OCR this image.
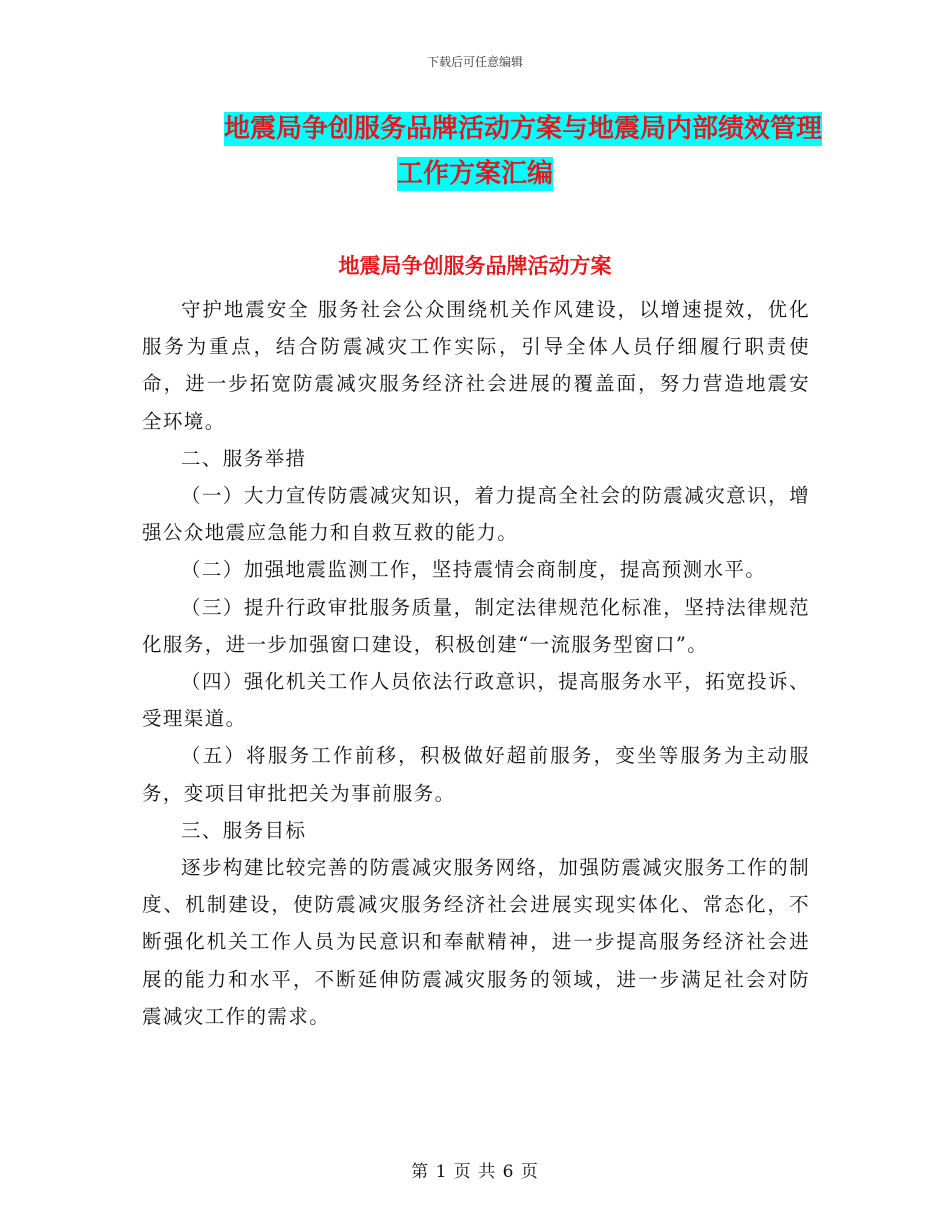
下载后可任意编辑
地震局争创服务品牌活动方案与地震局内部绩效管理
工作方案汇编
地震局争创服务品牌活动方案

守护地震安全 服务社会公众围绕机关作风建设，以增速提效，优化服务为重点，结合防震减灾工作实际，引导全体人员仔细履行职责使命，进一步拓宽防震减灾服务经济社会进展的覆盖面，努力营造地震安全环境。

二、服务举措

（一）大力宣传防震减灾知识，着力提高全社会的防震减灾意识，增强公众地震应急能力和自救互救的能力。

（二）加强地震监测工作，坚持震情会商制度，提高预测水平。

（三）提升行政审批服务质量，制定法律规范化标准，坚持法律规范化服务，进一步加强窗口建设，积极创建“一流服务型窗口”。

（四）强化机关工作人员依法行政意识，提高服务水平，拓宽投诉、受理渠道。

（五）将服务工作前移，积极做好超前服务，变坐等服务为主动服务，变项目审批把关为事前服务。

三、服务目标

逐步构建比较完善的防震减灾服务网络，加强防震减灾服务工作的制度、机制建设，使防震减灾服务经济社会进展实现实体化、常态化，不断强化机关工作人员为民意识和奉献精神，进一步提高服务经济社会进展的能力和水平，不断延伸防震减灾服务的领域，进一步满足社会对防震减灾工作的需求。

第 1 页 共 6 页
